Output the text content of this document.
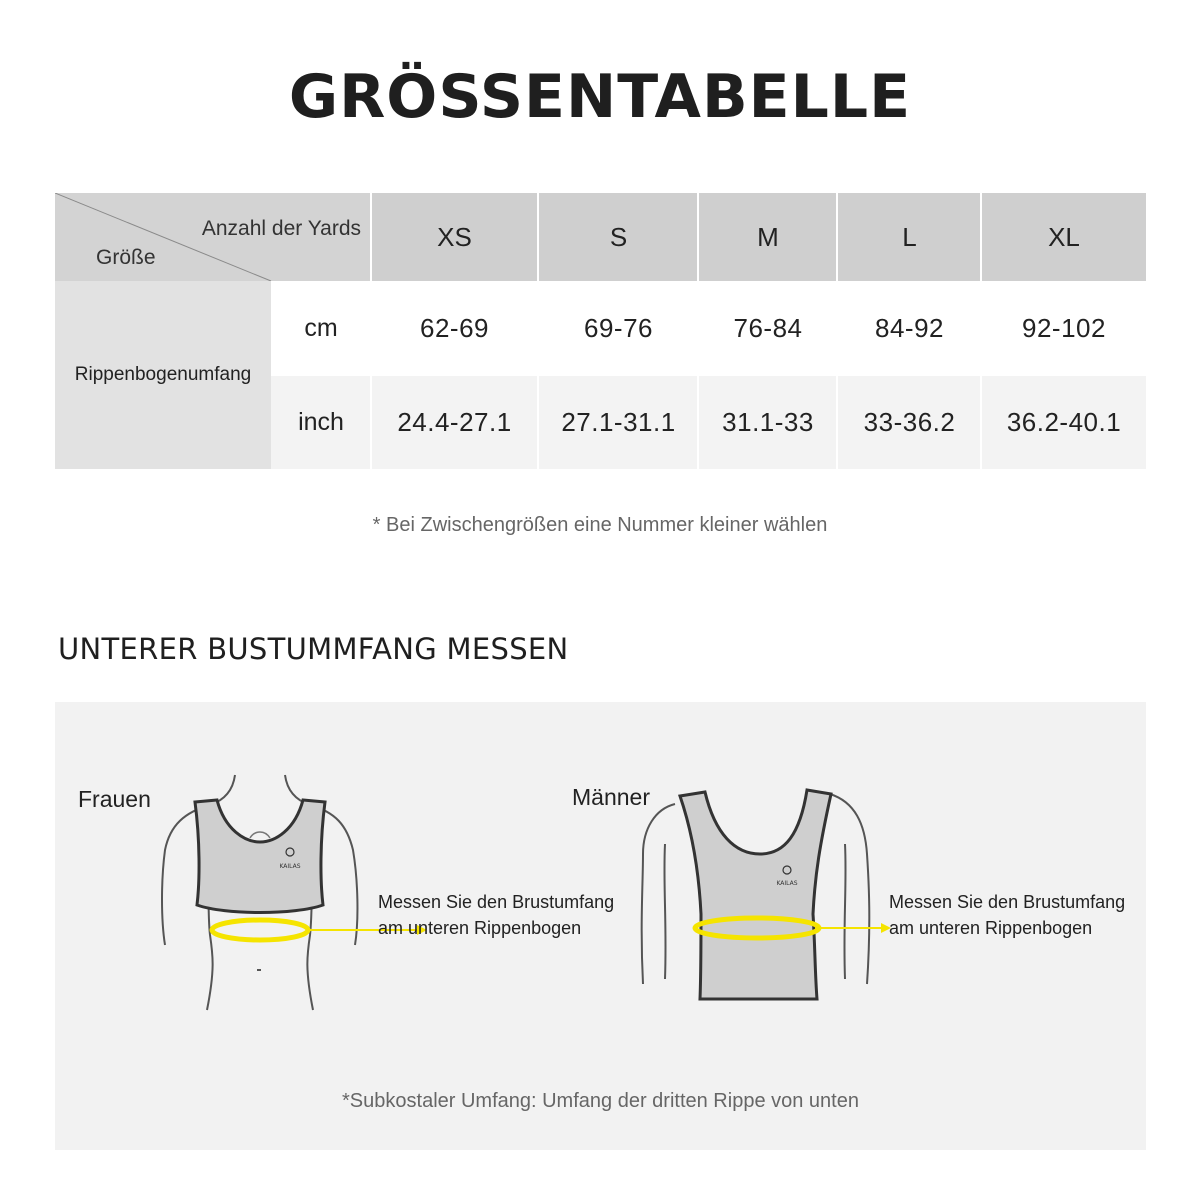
GRÖSSENTABELLE
Anzahl der Yards
Größe
XS	S	M	L	XL
Rippenbogenumfang
cm	62-69	69-76	76-84	84-92	92-102
inch	24.4-27.1	27.1-31.1	31.1-33	33-36.2	36.2-40.1
* Bei Zwischengrößen eine Nummer kleiner wählen
UNTERER BUSTUMMFANG MESSEN
Frauen	Männer
KAILAS
KAILAS
Messen Sie den Brustumfang
am unteren Rippenbogen
Messen Sie den Brustumfang
am unteren Rippenbogen
*Subkostaler Umfang: Umfang der dritten Rippe von unten
